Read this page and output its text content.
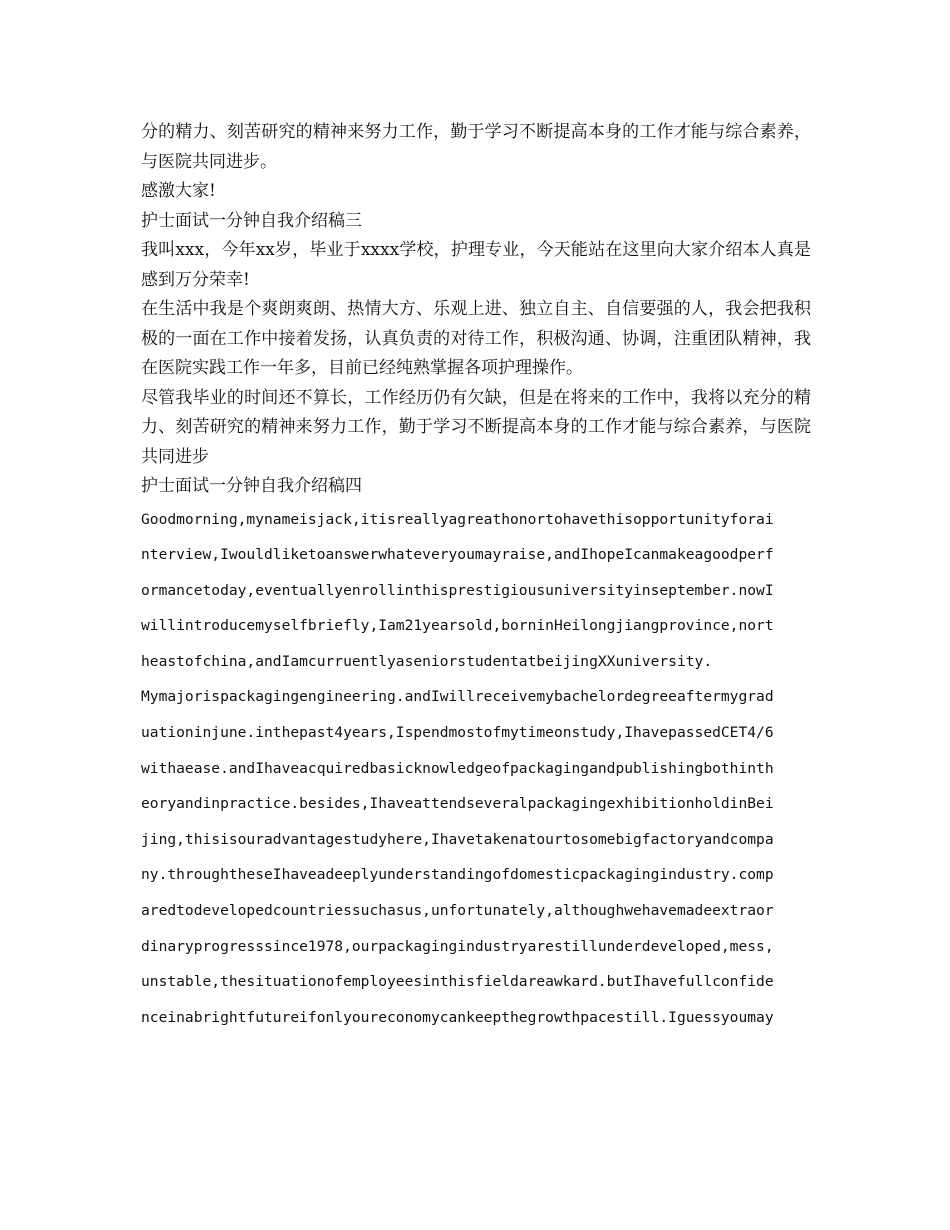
分的精力、刻苦研究的精神来努力工作，勤于学习不断提高本身的工作才能与综合素养，与医院共同进步。

感激大家!

护士面试一分钟自我介绍稿三

我叫xxx，今年xx岁，毕业于xxxx学校，护理专业，今天能站在这里向大家介绍本人真是感到万分荣幸!

在生活中我是个爽朗爽朗、热情大方、乐观上进、独立自主、自信要强的人，我会把我积极的一面在工作中接着发扬，认真负责的对待工作，积极沟通、协调，注重团队精神，我在医院实践工作一年多，目前已经纯熟掌握各项护理操作。

尽管我毕业的时间还不算长，工作经历仍有欠缺，但是在将来的工作中，我将以充分的精力、刻苦研究的精神来努力工作，勤于学习不断提高本身的工作才能与综合素养，与医院共同进步

护士面试一分钟自我介绍稿四

Goodmorning,mynameisjack,itisreallyagreathonortohavethisopportunityforai
nterview,Iwouldliketoanswerwhateveryoumayraise,andIhopeIcanmakeagoodperf
ormancetoday,eventuallyenrollinthisprestigiousuniversityinseptember.nowI
willintroducemyselfbriefly,Iam21yearsold,borninHeilongjiangprovince,nort
heastofchina,andIamcurruentlyaseniorstudentatbeijingXXuniversity.
Mymajorispackagingengineering.andIwillreceivemybachelordegreeaftermygrad
uationinjune.inthepast4years,Ispendmostofmytimeonstudy,IhavepassedCET4/6
withaease.andIhaveacquiredbasicknowledgeofpackagingandpublishingbothinth
eoryandinpractice.besides,IhaveattendseveralpackagingexhibitionholdinBei
jing,thisisouradvantagestudyhere,Ihavetakenatourtosomebigfactoryandcompa
ny.throughtheseIhaveadeeplyunderstandingofdomesticpackagingindustry.comp
aredtodevelopedcountriessuchasus,unfortunately,althoughwehavemadeextraor
dinaryprogresssince1978,ourpackagingindustryarestillunderdeveloped,mess,
unstable,thesituationofemployeesinthisfieldareawkard.butIhavefullconfide
nceinabrightfutureifonlyoureconomycankeepthegrowthpacestill.Iguessyoumay
